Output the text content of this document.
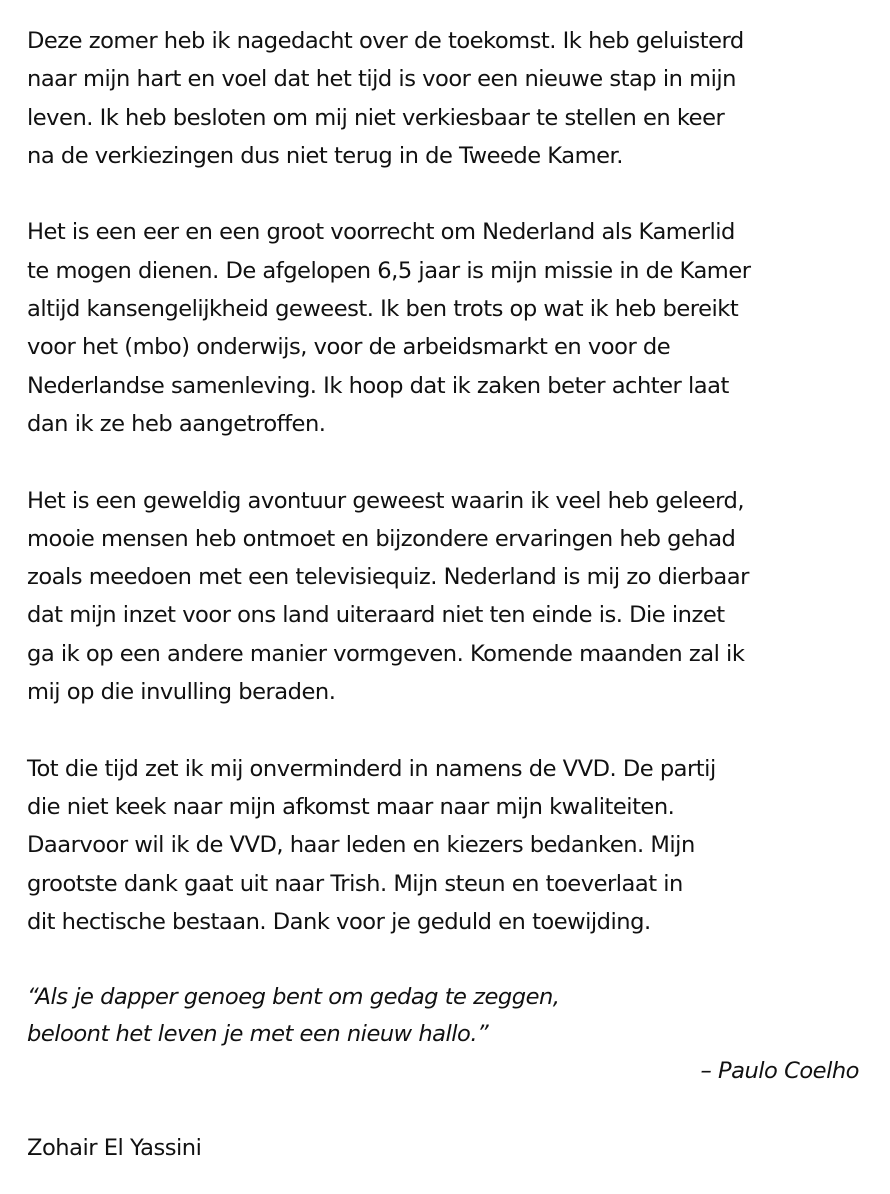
Deze zomer heb ik nagedacht over de toekomst. Ik heb geluisterd
naar mijn hart en voel dat het tijd is voor een nieuwe stap in mijn
leven. Ik heb besloten om mij niet verkiesbaar te stellen en keer
na de verkiezingen dus niet terug in de Tweede Kamer.

Het is een eer en een groot voorrecht om Nederland als Kamerlid
te mogen dienen. De afgelopen 6,5 jaar is mijn missie in de Kamer
altijd kansengelijkheid geweest. Ik ben trots op wat ik heb bereikt
voor het (mbo) onderwijs, voor de arbeidsmarkt en voor de
Nederlandse samenleving. Ik hoop dat ik zaken beter achter laat
dan ik ze heb aangetroffen.

Het is een geweldig avontuur geweest waarin ik veel heb geleerd,
mooie mensen heb ontmoet en bijzondere ervaringen heb gehad
zoals meedoen met een televisiequiz. Nederland is mij zo dierbaar
dat mijn inzet voor ons land uiteraard niet ten einde is. Die inzet
ga ik op een andere manier vormgeven. Komende maanden zal ik
mij op die invulling beraden.

Tot die tijd zet ik mij onverminderd in namens de VVD. De partij
die niet keek naar mijn afkomst maar naar mijn kwaliteiten.
Daarvoor wil ik de VVD, haar leden en kiezers bedanken. Mijn
grootste dank gaat uit naar Trish. Mijn steun en toeverlaat in
dit hectische bestaan. Dank voor je geduld en toewijding.

“Als je dapper genoeg bent om gedag te zeggen,
beloont het leven je met een nieuw hallo.”

– Paulo Coelho

Zohair El Yassini
